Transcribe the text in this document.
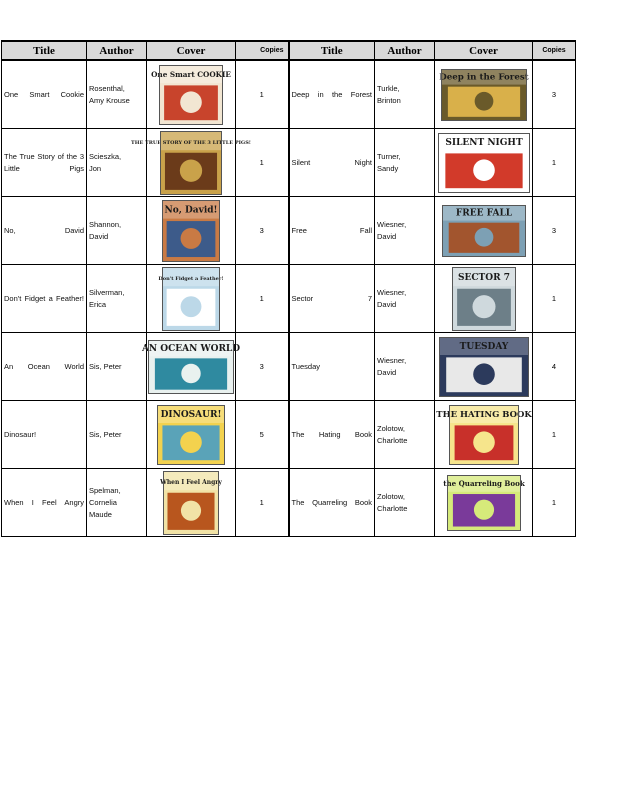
Title	Author	Cover	Copies	Title	Author	Cover	Copies
One Smart Cookie	Rosenthal, Amy Krouse	One Smart COOKIE	1	Deep in the Forest	Turkle, Brinton	Deep in the Forest	3
The True Story of the 3 Little Pigs	Scieszka, Jon	THE TRUE STORY OF THE 3 LITTLE PIGS!	1	Silent Night	Turner, Sandy	SILENT NIGHT	1
No, David	Shannon, David	No, David!	3	Free Fall	Wiesner, David	FREE FALL	3
Don't Fidget a Feather!	Silverman, Erica	Don't Fidget a Feather!	1	Sector 7	Wiesner, David	SECTOR 7	1
An Ocean World	Sis, Peter	AN OCEAN WORLD	3	Tuesday	Wiesner, David	TUESDAY	4
Dinosaur!	Sis, Peter	DINOSAUR!	5	The Hating Book	Zolotow, Charlotte	THE HATING BOOK	1
When I Feel Angry	Spelman, Cornelia Maude	When I Feel Angry	1	The Quarreling Book	Zolotow, Charlotte	the Quarreling Book	1
